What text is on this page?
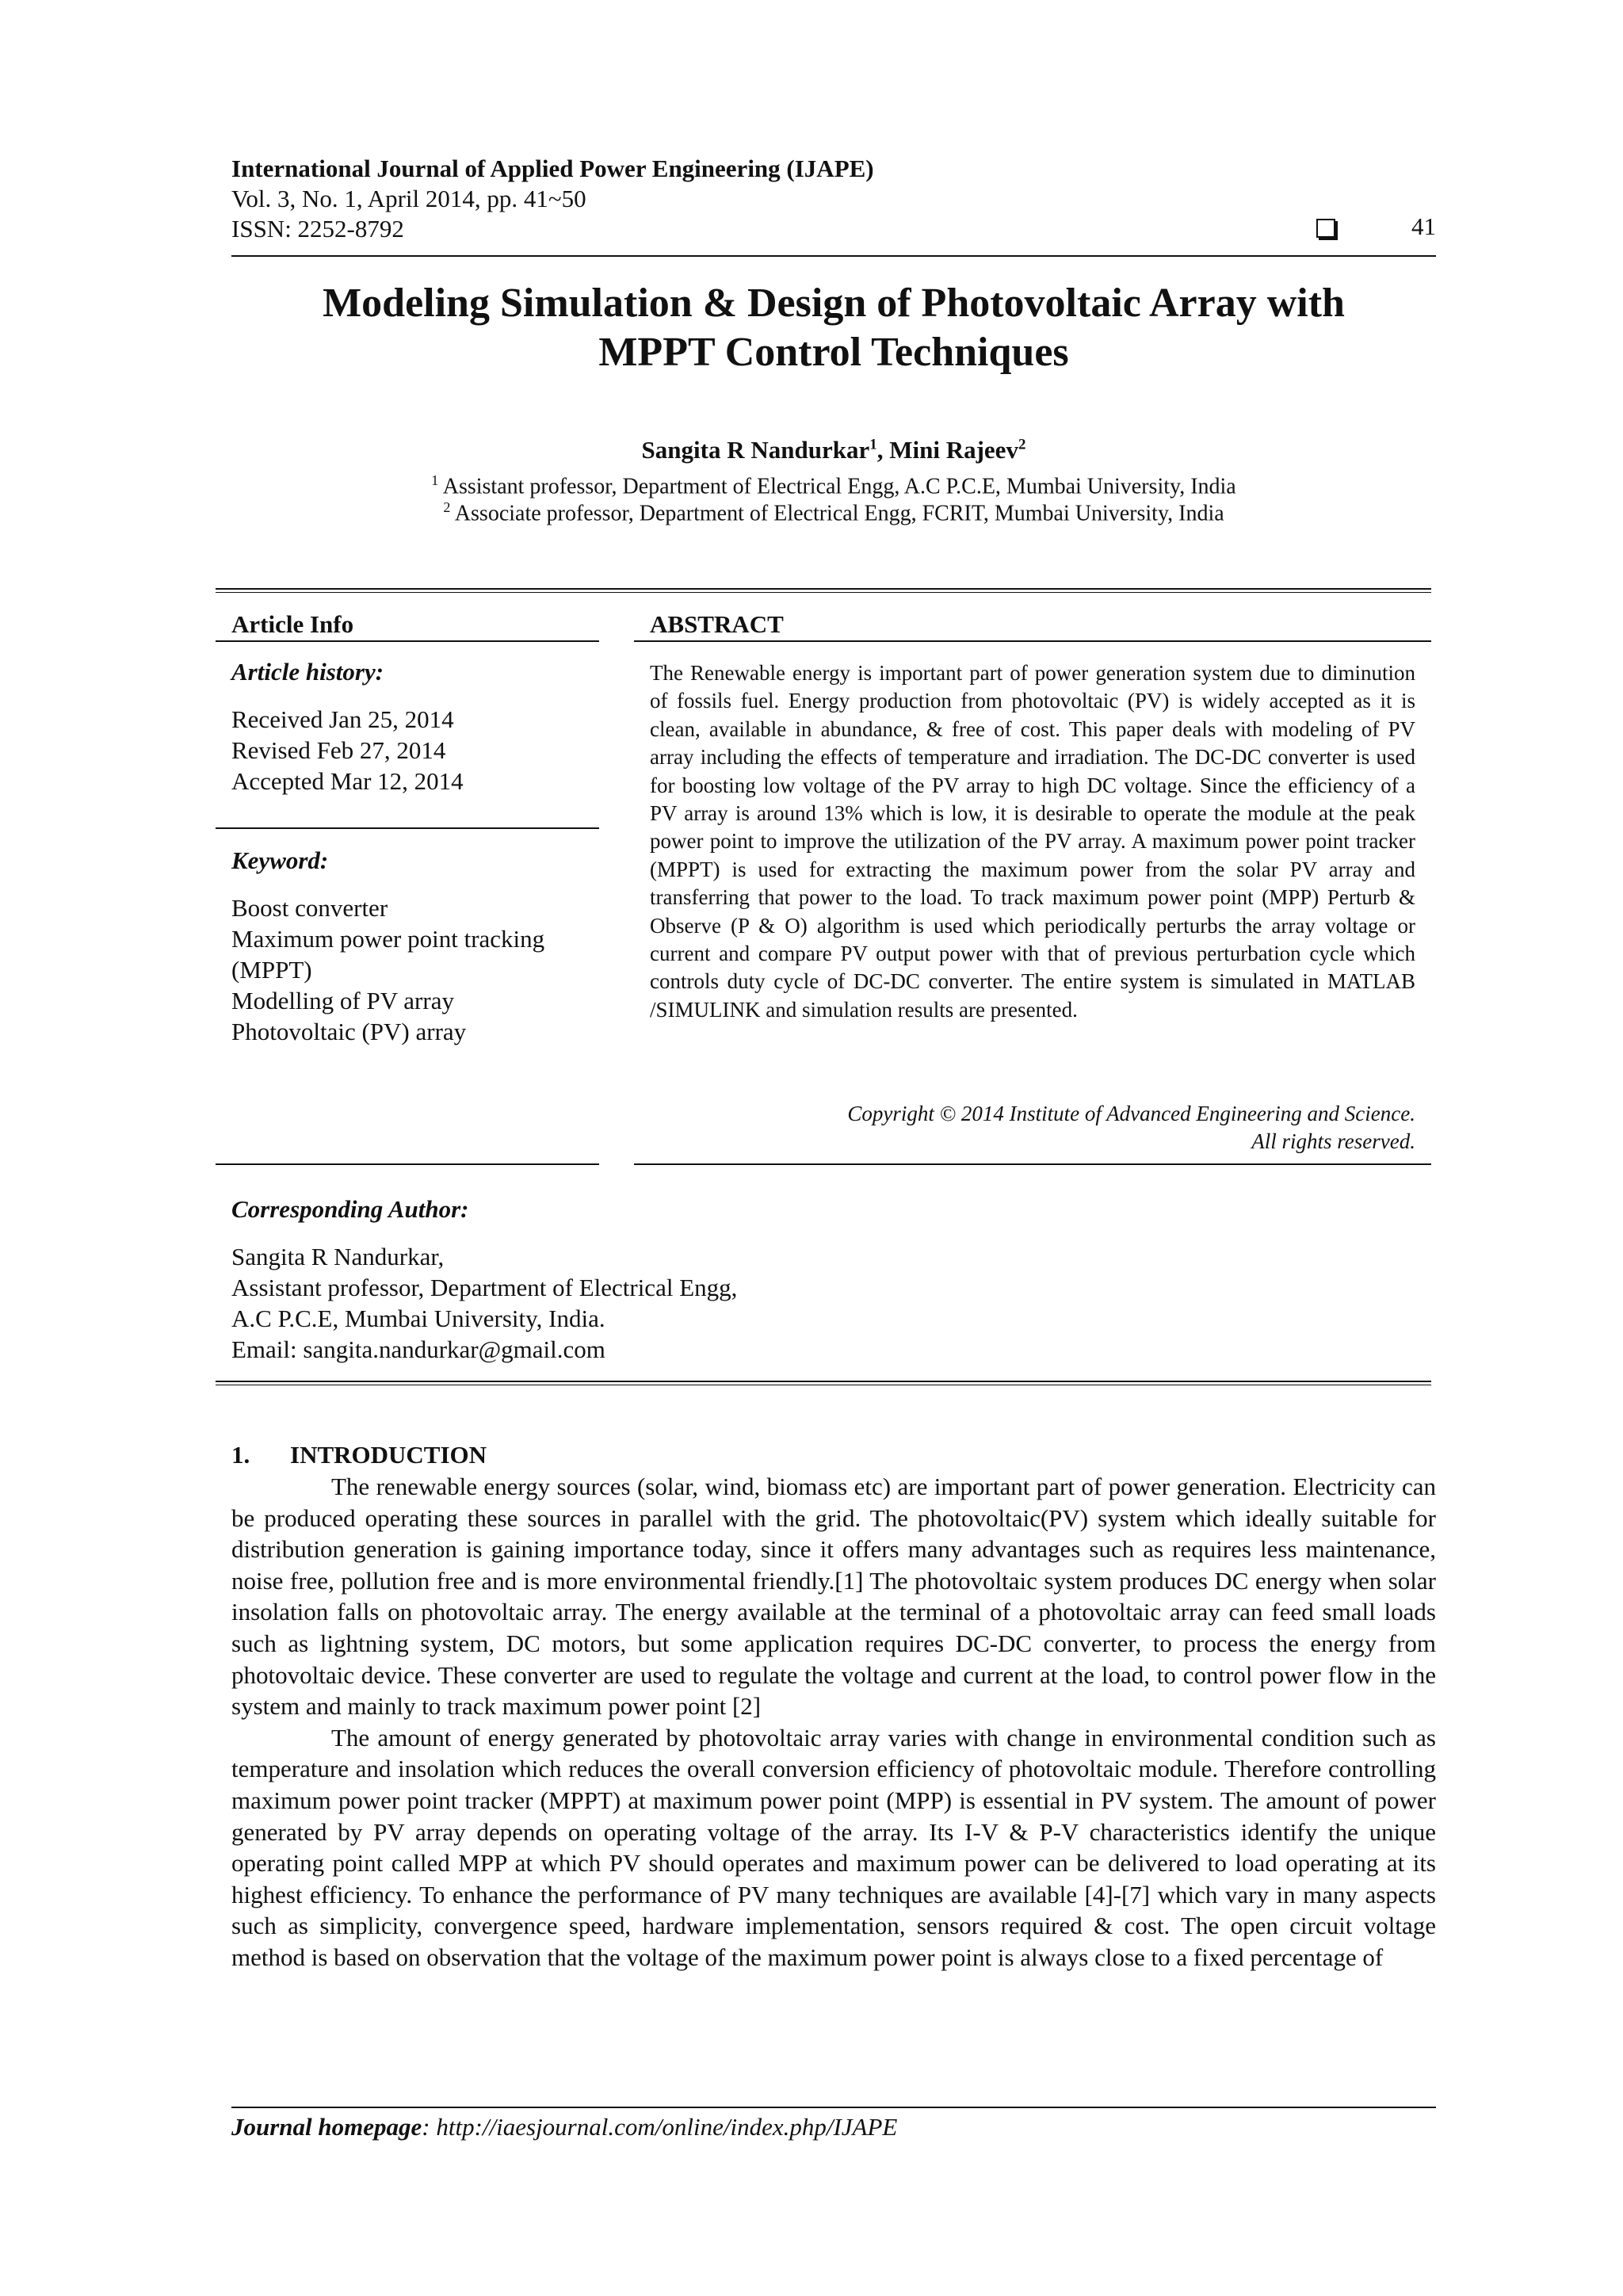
International Journal of Applied Power Engineering (IJAPE)
Vol. 3, No. 1, April 2014, pp. 41~50
ISSN: 2252-8792	41
Modeling Simulation & Design of Photovoltaic Array with
MPPT Control Techniques
Sangita R Nandurkar$^1$, Mini Rajeev$^2$
$^1$ Assistant professor, Department of Electrical Engg, A.C P.C.E, Mumbai University, India
$^2$ Associate professor, Department of Electrical Engg, FCRIT, Mumbai University, India
Article Info
Article history:
Received Jan 25, 2014
Revised Feb 27, 2014
Accepted Mar 12, 2014
Keyword:
Boost converter
Maximum power point tracking
(MPPT)
Modelling of PV array
Photovoltaic (PV) array
ABSTRACT
The Renewable energy is important part of power generation system due to diminution of fossils fuel. Energy production from photovoltaic (PV) is widely accepted as it is clean, available in abundance, & free of cost. This paper deals with modeling of PV array including the effects of temperature and irradiation. The DC-DC converter is used for boosting low voltage of the PV array to high DC voltage. Since the efficiency of a PV array is around 13% which is low, it is desirable to operate the module at the peak power point to improve the utilization of the PV array. A maximum power point tracker (MPPT) is used for extracting the maximum power from the solar PV array and transferring that power to the load. To track maximum power point (MPP) Perturb & Observe (P & O) algorithm is used which periodically perturbs the array voltage or current and compare PV output power with that of previous perturbation cycle which controls duty cycle of DC-DC converter. The entire system is simulated in MATLAB /SIMULINK and simulation results are presented.
Copyright © 2014 Institute of Advanced Engineering and Science.
All rights reserved.
Corresponding Author:
Sangita R Nandurkar,
Assistant professor, Department of Electrical Engg,
A.C P.C.E, Mumbai University, India.
Email: sangita.nandurkar@gmail.com
1. INTRODUCTION

The renewable energy sources (solar, wind, biomass etc) are important part of power generation. Electricity can be produced operating these sources in parallel with the grid. The photovoltaic(PV) system which ideally suitable for distribution generation is gaining importance today, since it offers many advantages such as requires less maintenance, noise free, pollution free and is more environmental friendly.[1] The photovoltaic system produces DC energy when solar insolation falls on photovoltaic array. The energy available at the terminal of a photovoltaic array can feed small loads such as lightning system, DC motors, but some application requires DC-DC converter, to process the energy from photovoltaic device. These converter are used to regulate the voltage and current at the load, to control power flow in the system and mainly to track maximum power point [2]

The amount of energy generated by photovoltaic array varies with change in environmental condition such as temperature and insolation which reduces the overall conversion efficiency of photovoltaic module. Therefore controlling maximum power point tracker (MPPT) at maximum power point (MPP) is essential in PV system. The amount of power generated by PV array depends on operating voltage of the array. Its I-V & P-V characteristics identify the unique operating point called MPP at which PV should operates and maximum power can be delivered to load operating at its highest efficiency. To enhance the performance of PV many techniques are available [4]-[7] which vary in many aspects such as simplicity, convergence speed, hardware implementation, sensors required & cost. The open circuit voltage method is based on observation that the voltage of the maximum power point is always close to a fixed percentage of

Journal homepage: http://iaesjournal.com/online/index.php/IJAPE
